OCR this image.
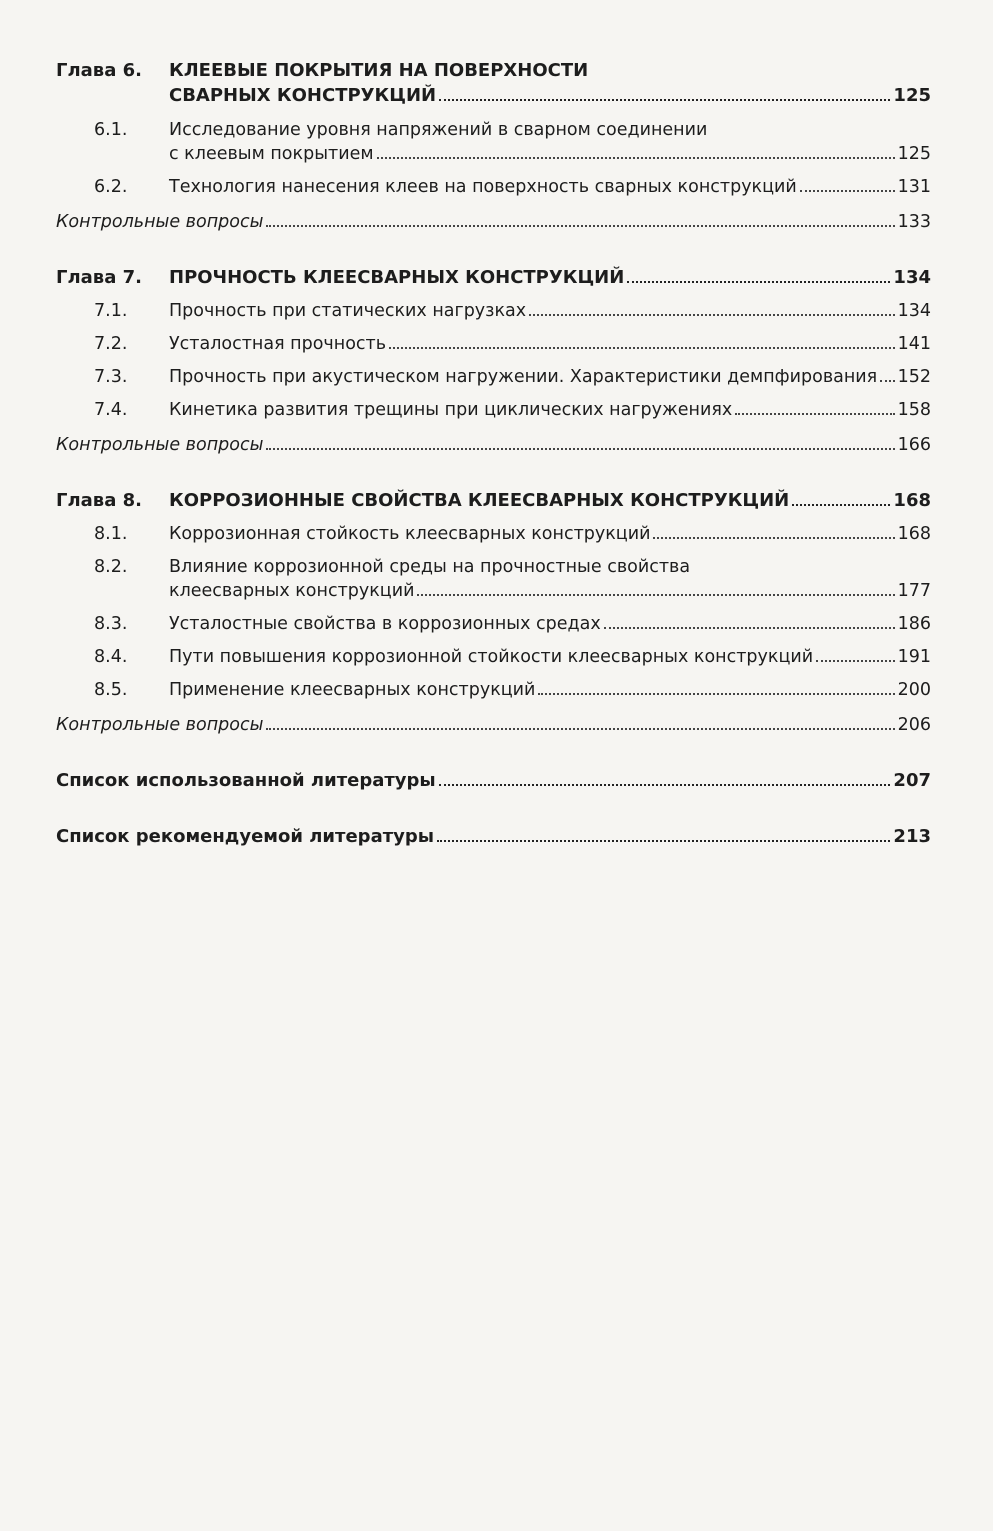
Глава 6.	КЛЕЕВЫЕ ПОКРЫТИЯ НА ПОВЕРХНОСТИ
СВАРНЫХ КОНСТРУКЦИЙ	125
6.1.	Исследование уровня напряжений в сварном соединении
с клеевым покрытием	125
6.2.	Технология нанесения клеев на поверхность сварных конструкций	131
Контрольные вопросы	133
Глава 7.	ПРОЧНОСТЬ КЛЕЕСВАРНЫХ КОНСТРУКЦИЙ	134
7.1.	Прочность при статических нагрузках	134
7.2.	Усталостная прочность	141
7.3.	Прочность при акустическом нагружении. Характеристики демпфирования 152
7.4.	Кинетика развития трещины при циклических нагружениях	158
Контрольные вопросы	166
Глава 8.	КОРРОЗИОННЫЕ СВОЙСТВА КЛЕЕСВАРНЫХ КОНСТРУКЦИЙ	168
8.1.	Коррозионная стойкость клеесварных конструкций	168
8.2.	Влияние коррозионной среды на прочностные свойства
клеесварных конструкций	177
8.3.	Усталостные свойства в коррозионных средах	186
8.4.	Пути повышения коррозионной стойкости клеесварных конструкций	191
8.5.	Применение клеесварных конструкций	200
Контрольные вопросы	206
Список использованной литературы	207
Список рекомендуемой литературы	213
